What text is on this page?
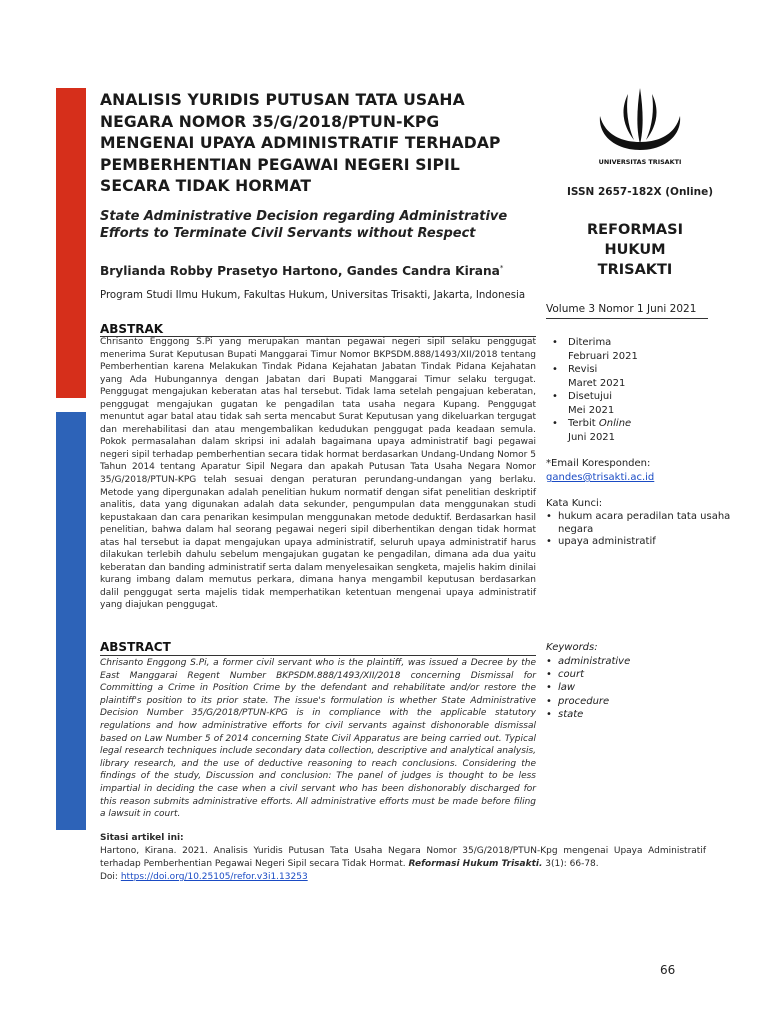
ANALISIS YURIDIS PUTUSAN TATA USAHA
NEGARA NOMOR 35/G/2018/PTUN-KPG
MENGENAI UPAYA ADMINISTRATIF TERHADAP
PEMBERHENTIAN PEGAWAI NEGERI SIPIL
SECARA TIDAK HORMAT
State Administrative Decision regarding Administrative
Efforts to Terminate Civil Servants without Respect
Brylianda Robby Prasetyo Hartono, Gandes Candra Kirana*
Program Studi Ilmu Hukum, Fakultas Hukum, Universitas Trisakti, Jakarta, Indonesia
ABSTRAK
Chrisanto Enggong S.Pi yang merupakan mantan pegawai negeri sipil selaku penggugat menerima Surat Keputusan Bupati Manggarai Timur Nomor BKPSDM.888/1493/XII/2018 tentang Pemberhentian karena Melakukan Tindak Pidana Kejahatan Jabatan Tindak Pidana Kejahatan yang Ada Hubungannya dengan Jabatan dari Bupati Manggarai Timur selaku tergugat. Penggugat mengajukan keberatan atas hal tersebut. Tidak lama setelah pengajuan keberatan, penggugat mengajukan gugatan ke pengadilan tata usaha negara Kupang. Penggugat menuntut agar batal atau tidak sah serta mencabut Surat Keputusan yang dikeluarkan tergugat dan merehabilitasi dan atau mengembalikan kedudukan penggugat pada keadaan semula. Pokok permasalahan dalam skripsi ini adalah bagaimana upaya administratif bagi pegawai negeri sipil terhadap pemberhentian secara tidak hormat berdasarkan Undang-Undang Nomor 5 Tahun 2014 tentang Aparatur Sipil Negara dan apakah Putusan Tata Usaha Negara Nomor 35/G/2018/PTUN-KPG telah sesuai dengan peraturan perundang-undangan yang berlaku. Metode yang dipergunakan adalah penelitian hukum normatif dengan sifat penelitian deskriptif analitis, data yang digunakan adalah data sekunder, pengumpulan data menggunakan studi kepustakaan dan cara penarikan kesimpulan menggunakan metode deduktif. Berdasarkan hasil penelitian, bahwa dalam hal seorang pegawai negeri sipil diberhentikan dengan tidak hormat atas hal tersebut ia dapat mengajukan upaya administratif, seluruh upaya administratif harus dilakukan terlebih dahulu sebelum mengajukan gugatan ke pengadilan, dimana ada dua yaitu keberatan dan banding administratif serta dalam menyelesaikan sengketa, majelis hakim dinilai kurang imbang dalam memutus perkara, dimana hanya mengambil keputusan berdasarkan dalil penggugat serta majelis tidak memperhatikan ketentuan mengenai upaya administratif yang diajukan penggugat.
ABSTRACT
Chrisanto Enggong S.Pi, a former civil servant who is the plaintiff, was issued a Decree by the East Manggarai Regent Number BKPSDM.888/1493/XII/2018 concerning Dismissal for Committing a Crime in Position Crime by the defendant and rehabilitate and/or restore the plaintiff's position to its prior state. The issue's formulation is whether State Administrative Decision Number 35/G/2018/PTUN-KPG is in compliance with the applicable statutory regulations and how administrative efforts for civil servants against dishonorable dismissal based on Law Number 5 of 2014 concerning State Civil Apparatus are being carried out. Typical legal research techniques include secondary data collection, descriptive and analytical analysis, library research, and the use of deductive reasoning to reach conclusions. Considering the findings of the study, Discussion and conclusion: The panel of judges is thought to be less impartial in deciding the case when a civil servant who has been dishonorably discharged for this reason submits administrative efforts. All administrative efforts must be made before filing a lawsuit in court.
UNIVERSITAS TRISAKTI
ISSN 2657-182X (Online)
REFORMASI
HUKUM
TRISAKTI
Volume 3 Nomor 1 Juni 2021
• Diterima
Februari 2021
• Revisi
Maret 2021
• Disetujui
Mei 2021
• Terbit Online
Juni 2021
*Email Koresponden:
gandes@trisakti.ac.id
Kata Kunci:
• hukum acara peradilan tata usaha negara
• upaya administratif
Keywords:
• administrative
• court
• law
• procedure
• state
Sitasi artikel ini:
Hartono, Kirana. 2021. Analisis Yuridis Putusan Tata Usaha Negara Nomor 35/G/2018/PTUN-Kpg mengenai Upaya Administratif terhadap Pemberhentian Pegawai Negeri Sipil secara Tidak Hormat. Reformasi Hukum Trisakti. 3(1): 66-78.
Doi: https://doi.org/10.25105/refor.v3i1.13253
66
